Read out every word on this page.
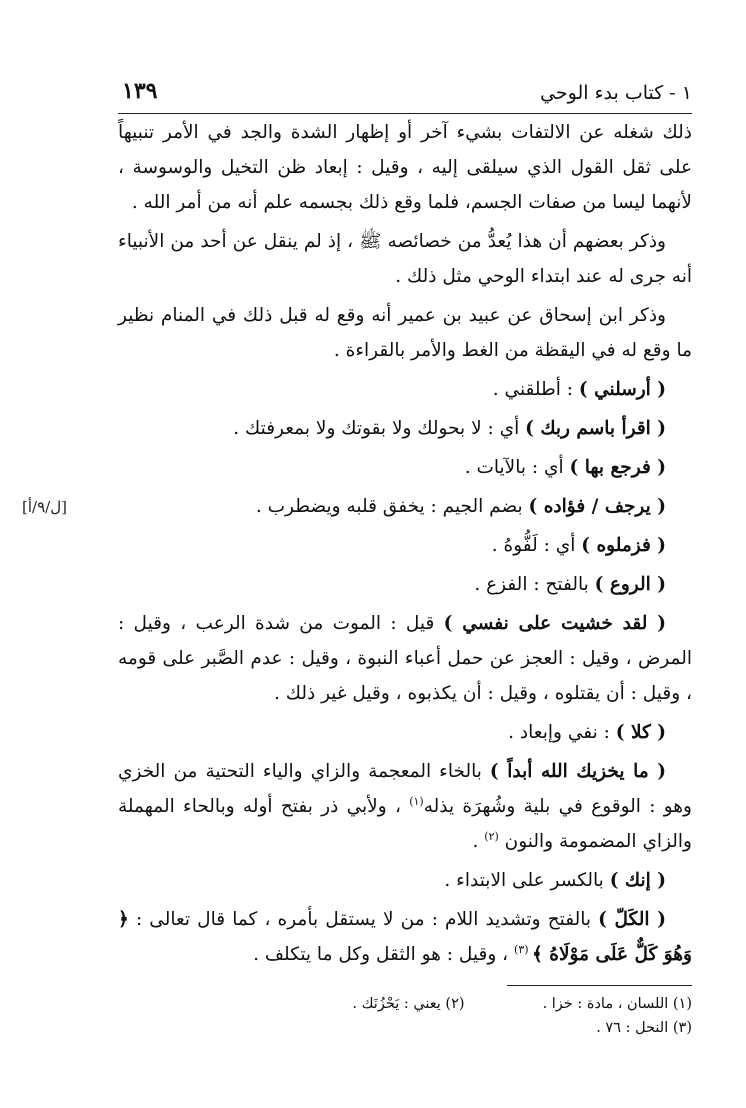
١ - كتاب بدء الوحي
١٣٩
[ل/٩/أ]

ذلك شغله عن الالتفات بشيء آخر أو إظهار الشدة والجد في الأمر تنبيهاً على ثقل القول الذي سيلقى إليه ، وقيل : إبعاد ظن التخيل والوسوسة ، لأنهما ليسا من صفات الجسم، فلما وقع ذلك بجسمه علم أنه من أمر الله .

وذكر بعضهم أن هذا يُعدُّ من خصائصه ﷺ ، إذ لم ينقل عن أحد من الأنبياء أنه جرى له عند ابتداء الوحي مثل ذلك .

وذكر ابن إسحاق عن عبيد بن عمير أنه وقع له قبل ذلك في المنام نظير ما وقع له في اليقظة من الغط والأمر بالقراءة .

( أرسلني ) : أطلقني .

( اقرأ باسم ربك ) أي : لا بحولك ولا بقوتك ولا بمعرفتك .

( فرجع بها ) أي : بالآيات .

( يرجف / فؤاده ) بضم الجيم : يخفق قلبه ويضطرب .

( فزملوه ) أي : لَفُّوهُ .

( الروع ) بالفتح : الفزع .

( لقد خشيت على نفسي ) قيل : الموت من شدة الرعب ، وقيل : المرض ، وقيل : العجز عن حمل أعباء النبوة ، وقيل : عدم الصَّبر على قومه ، وقيل : أن يقتلوه ، وقيل : أن يكذبوه ، وقيل غير ذلك .

( كلا ) : نفي وإبعاد .

( ما يخزيك الله أبداً ) بالخاء المعجمة والزاي والياء التحتية من الخزي وهو : الوقوع في بلية وشُهرَة يذله$^{(١)}$ ، ولأبي ذر بفتح أوله وبالحاء المهملة والزاي المضمومة والنون $^{(٢)}$ .

( إنك ) بالكسر على الابتداء .

( الكَلّ ) بالفتح وتشديد اللام : من لا يستقل بأمره ، كما قال تعالى : ﴿ وَهُوَ كَلٌّ عَلَى مَوْلَاهُ ﴾ $^{(٣)}$ ، وقيل : هو الثقل وكل ما يتكلف .

(١) اللسان ، مادة : خزا .
(٢) يعني : يَحْزُنَك .
(٣) النحل : ٧٦ .
